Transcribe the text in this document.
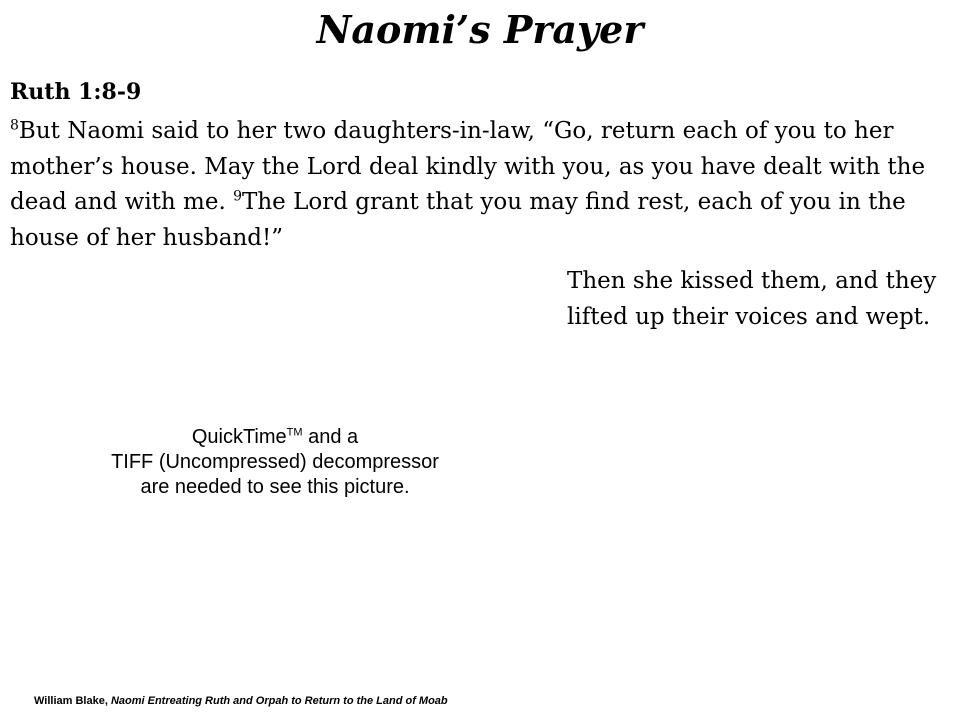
Naomi’s Prayer
Ruth 1:8-9

$^8$But Naomi said to her two daughters-in-law, “Go, return each of you to her mother’s house. May the Lord deal kindly with you, as you have dealt with the dead and with me. $^9$The Lord grant that you may find rest, each of you in the house of her husband!”

Then she kissed them, and they lifted up their voices and wept.

QuickTime™ and a
TIFF (Uncompressed) decompressor
are needed to see this picture.
William Blake, Naomi Entreating Ruth and Orpah to Return to the Land of Moab
